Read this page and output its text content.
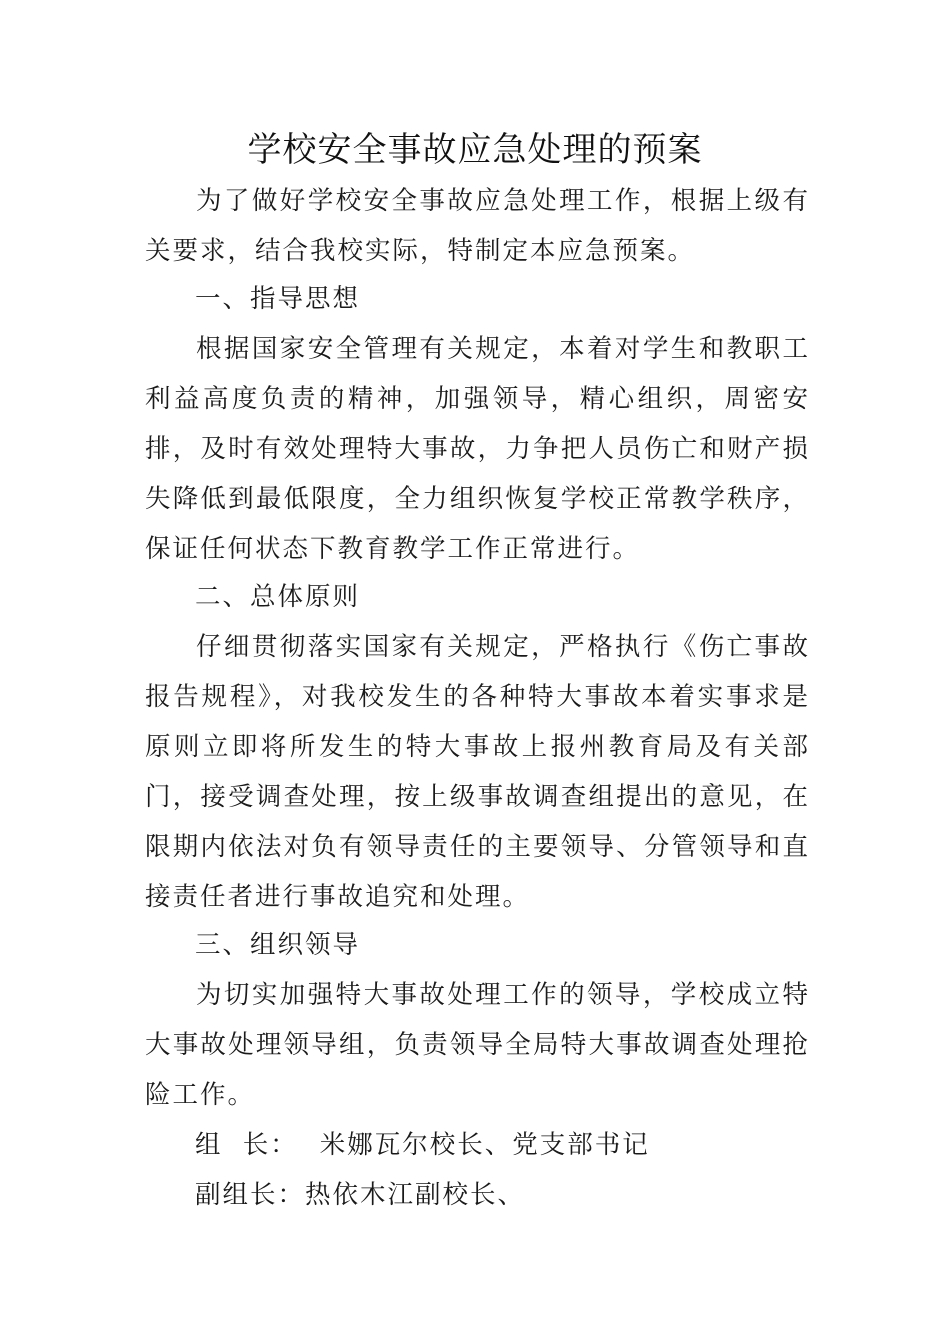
学校安全事故应急处理的预案

为了做好学校安全事故应急处理工作，根据上级有关要求，结合我校实际，特制定本应急预案。

一、指导思想

根据国家安全管理有关规定，本着对学生和教职工利益高度负责的精神，加强领导，精心组织，周密安排，及时有效处理特大事故，力争把人员伤亡和财产损失降低到最低限度，全力组织恢复学校正常教学秩序，保证任何状态下教育教学工作正常进行。

二、总体原则

仔细贯彻落实国家有关规定，严格执行《伤亡事故报告规程》，对我校发生的各种特大事故本着实事求是原则立即将所发生的特大事故上报州教育局及有关部门，接受调查处理，按上级事故调查组提出的意见，在限期内依法对负有领导责任的主要领导、分管领导和直接责任者进行事故追究和处理。

三、组织领导

为切实加强特大事故处理工作的领导，学校成立特大事故处理领导组，负责领导全局特大事故调查处理抢险工作。

组  长： 米娜瓦尔校长、党支部书记

副组长：热依木江副校长、
